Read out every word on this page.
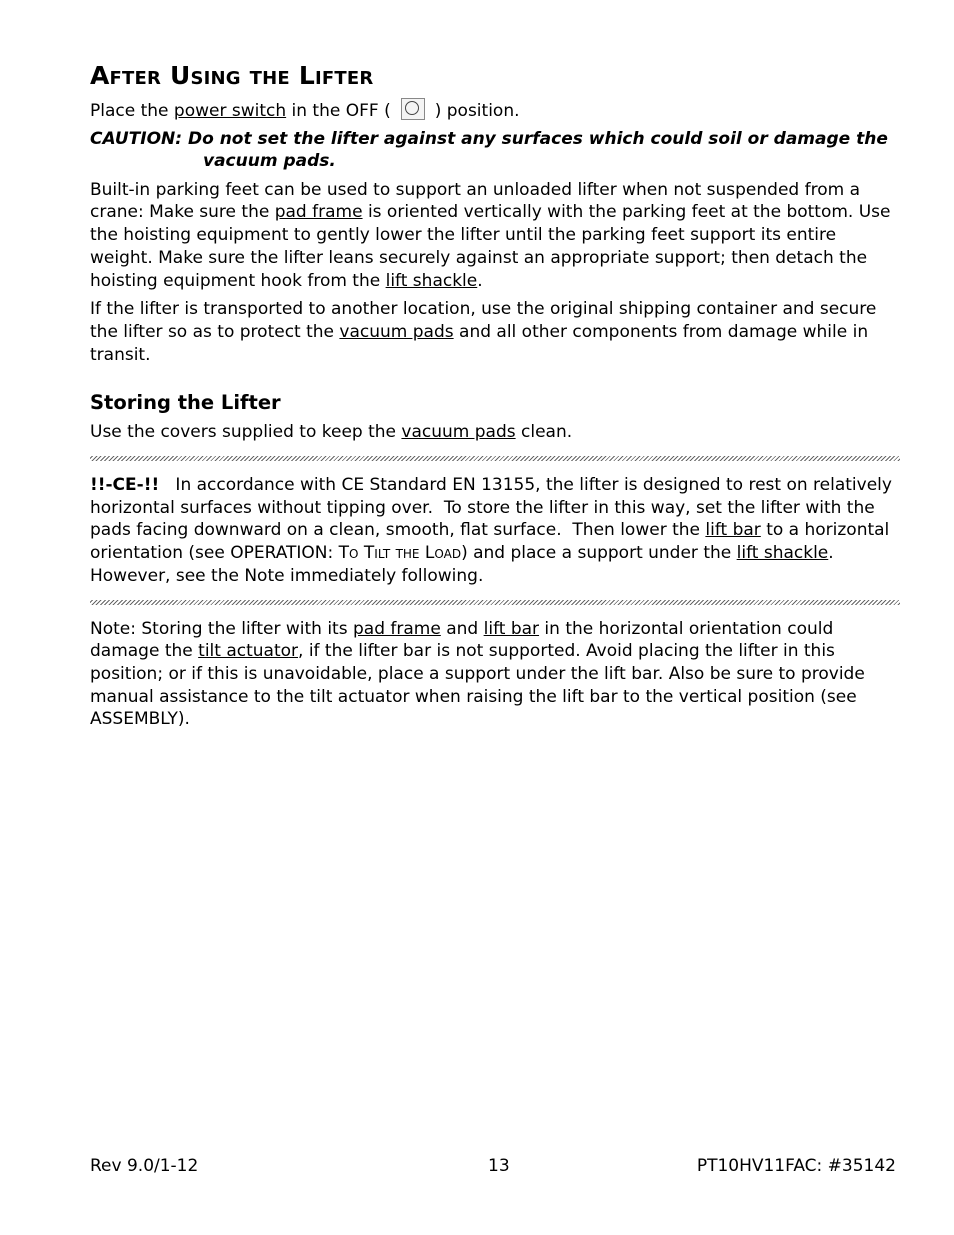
After Using the Lifter

Place the power switch in the OFF (	) position.

CAUTION: Do not set the lifter against any surfaces which could soil or damage the vacuum pads.

Built-in parking feet can be used to support an unloaded lifter when not suspended from a crane: Make sure the pad frame is oriented vertically with the parking feet at the bottom. Use the hoisting equipment to gently lower the lifter until the parking feet support its entire weight. Make sure the lifter leans securely against an appropriate support; then detach the hoisting equipment hook from the lift shackle.

If the lifter is transported to another location, use the original shipping container and secure the lifter so as to protect the vacuum pads and all other components from damage while in transit.

Storing the Lifter

Use the covers supplied to keep the vacuum pads clean.

!!-CE-!!   In accordance with CE Standard EN 13155, the lifter is designed to rest on relatively horizontal surfaces without tipping over.  To store the lifter in this way, set the lifter with the pads facing downward on a clean, smooth, flat surface.  Then lower the lift bar to a horizontal orientation (see OPERATION: To Tilt the Load) and place a support under the lift shackle. However, see the Note immediately following.

Note: Storing the lifter with its pad frame and lift bar in the horizontal orientation could damage the tilt actuator, if the lifter bar is not supported. Avoid placing the lifter in this position; or if this is unavoidable, place a support under the lift bar. Also be sure to provide manual assistance to the tilt actuator when raising the lift bar to the vertical position (see ASSEMBLY).

Rev 9.0/1-12	13	PT10HV11FAC: #35142
